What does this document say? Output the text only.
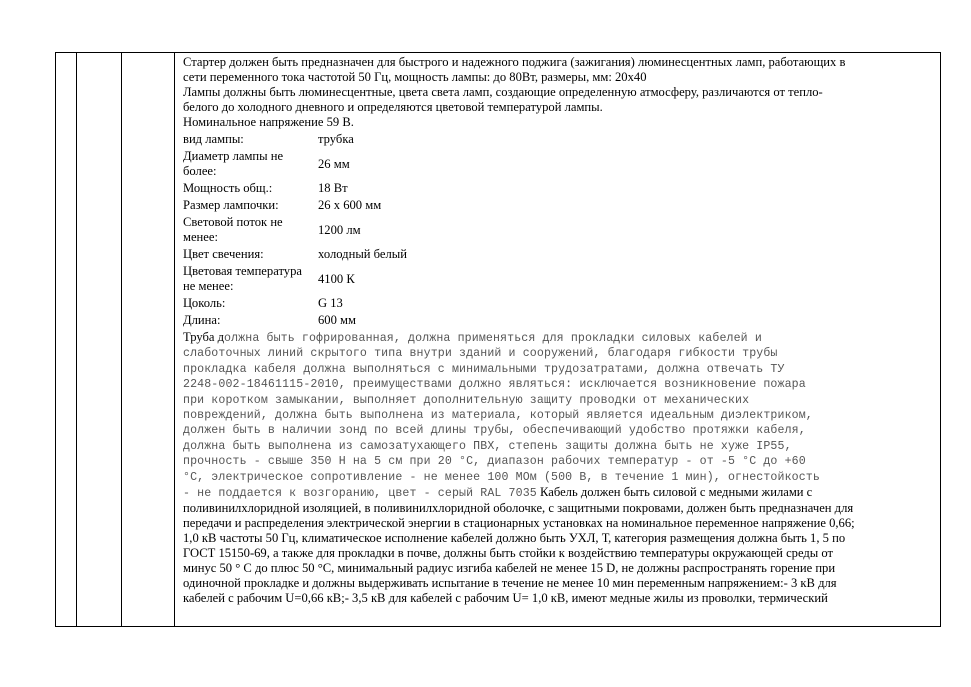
Стартер должен быть предназначен для быстрого и надежного поджига (зажигания) люминесцентных ламп, работающих в

сети переменного тока частотой 50 Гц, мощность лампы: до 80Вт, размеры, мм: 20х40

Лампы должны быть люминесцентные, цвета света ламп, создающие определенную атмосферу, различаются от тепло-

белого до холодного дневного и определяются цветовой температурой лампы.

Номинальное напряжение 59 В.

вид лампы:	трубка
Диаметр лампы не более:
26 мм
Мощность общ.:	18 Вт
Размер лампочки:	26 х 600 мм
Световой поток не менее:
1200 лм
Цвет свечения:	холодный белый
Цветовая температура не менее:
4100 К
Цоколь:	G 13
Длина:	600 мм
Труба должна быть гофрированная, должна применяться для прокладки силовых кабелей и
слаботочных линий скрытого типа внутри зданий и сооружений, благодаря гибкости трубы
прокладка кабеля должна выполняться с минимальными трудозатратами, должна отвечать ТУ
2248-002-18461115-2010, преимуществами должно являться: исключается возникновение пожара
при коротком замыкании, выполняет дополнительную защиту проводки от механических
повреждений, должна быть выполнена из материала, который является идеальным диэлектриком,
должен быть в наличии зонд по всей длины трубы, обеспечивающий удобство протяжки кабеля,
должна быть выполнена из самозатухающего ПВХ, степень защиты должна быть не хуже IP55,
прочность - свыше 350 Н на 5 см при 20 °С, диапазон рабочих температур - от -5 °С до +60
°С, электрическое сопротивление - не менее 100 МОм (500 В, в течение 1 мин), огнестойкость
- не поддается к возгоранию, цвет - серый RAL 7035 Кабель должен быть силовой с медными жилами с

поливинилхлоридной изоляцией, в поливинилхлоридной оболочке, с защитными покровами, должен быть предназначен для

передачи и распределения электрической энергии в стационарных установках на номинальное переменное напряжение 0,66;

1,0 кВ частоты 50 Гц, климатическое исполнение кабелей должно быть УХЛ, Т, категория размещения должна быть 1, 5 по

ГОСТ 15150-69, а также для прокладки в почве, должны быть стойки к воздействию температуры окружающей среды от

минус 50 ° С до плюс 50 °С, минимальный радиус изгиба кабелей не менее 15 D, не должны распространять горение при

одиночной прокладке и должны выдерживать испытание в течение не менее 10 мин переменным напряжением:- 3 кВ для

кабелей с рабочим U=0,66 кВ;- 3,5 кВ для кабелей с рабочим U= 1,0 кВ, имеют медные жилы из проволки, термический
